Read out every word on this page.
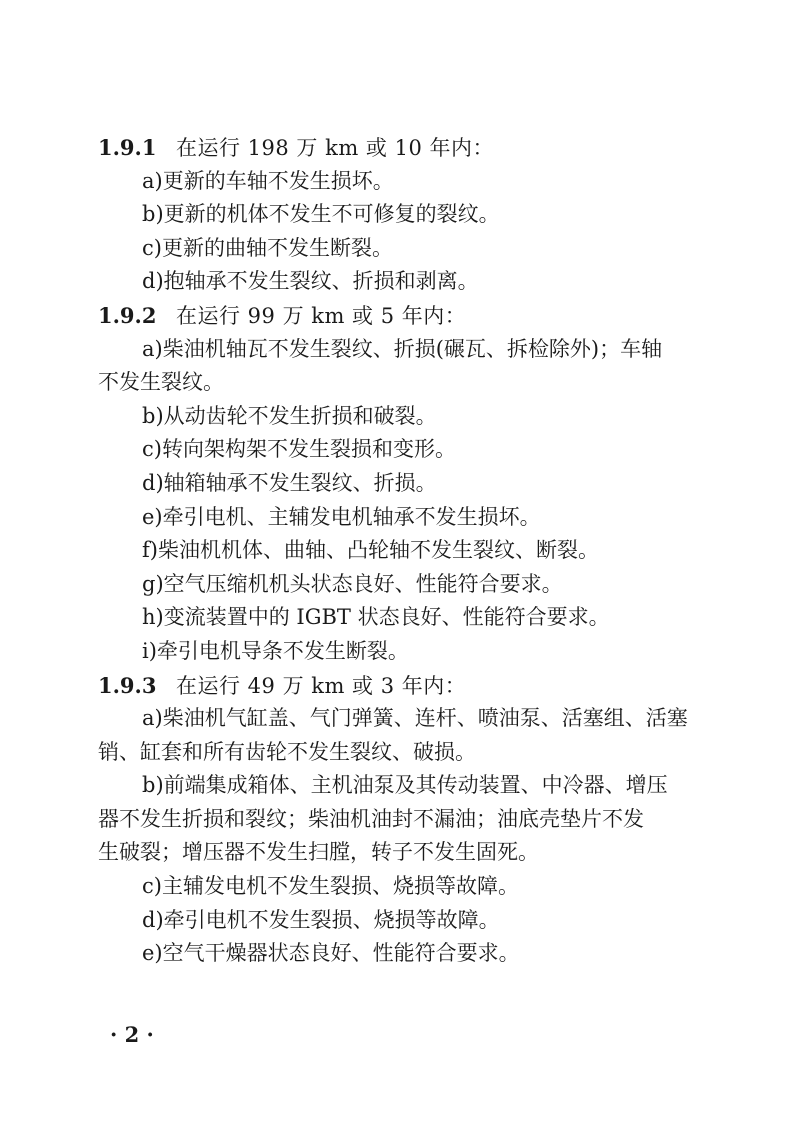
1.9.1 在运行 198 万 km 或 10 年内：
a)更新的车轴不发生损坏。
b)更新的机体不发生不可修复的裂纹。
c)更新的曲轴不发生断裂。
d)抱轴承不发生裂纹、折损和剥离。
1.9.2 在运行 99 万 km 或 5 年内：
a)柴油机轴瓦不发生裂纹、折损(碾瓦、拆检除外)；车轴
不发生裂纹。
b)从动齿轮不发生折损和破裂。
c)转向架构架不发生裂损和变形。
d)轴箱轴承不发生裂纹、折损。
e)牵引电机、主辅发电机轴承不发生损坏。
f)柴油机机体、曲轴、凸轮轴不发生裂纹、断裂。
g)空气压缩机机头状态良好、性能符合要求。
h)变流装置中的 IGBT 状态良好、性能符合要求。
i)牵引电机导条不发生断裂。
1.9.3 在运行 49 万 km 或 3 年内：
a)柴油机气缸盖、气门弹簧、连杆、喷油泵、活塞组、活塞
销、缸套和所有齿轮不发生裂纹、破损。
b)前端集成箱体、主机油泵及其传动装置、中冷器、增压
器不发生折损和裂纹；柴油机油封不漏油；油底壳垫片不发
生破裂；增压器不发生扫膛，转子不发生固死。
c)主辅发电机不发生裂损、烧损等故障。
d)牵引电机不发生裂损、烧损等故障。
e)空气干燥器状态良好、性能符合要求。
· 2 ·
